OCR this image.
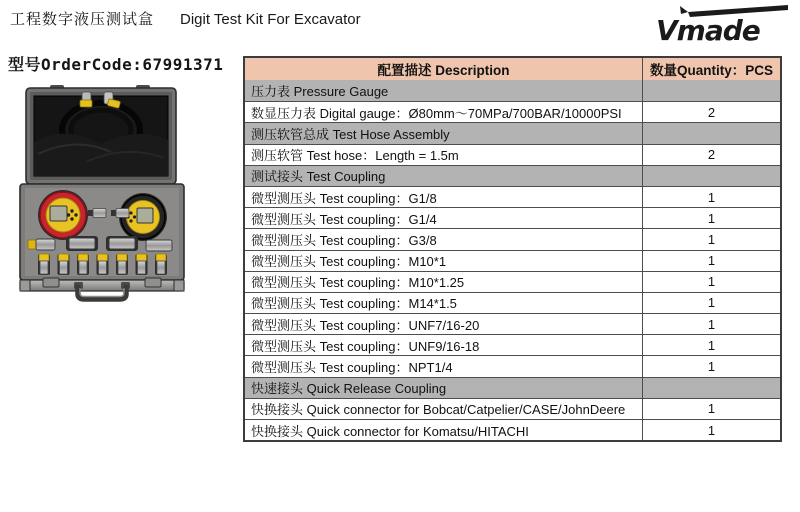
工程数字液压测试盒 Digit Test Kit For Excavator	Vmade
型号OrderCode:67991371	配置描述 Description	数量Quantity：PCS
压力表 Pressure Gauge
数显压力表 Digital gauge：Ø80mm～70MPa/700BAR/10000PSI	2
测压软管总成 Test Hose Assembly
测压软管 Test hose：Length = 1.5m	2
测试接头 Test Coupling
微型测压头 Test coupling：G1/8	1
微型测压头 Test coupling：G1/4	1
微型测压头 Test coupling：G3/8	1
微型测压头 Test coupling：M10*1	1
微型测压头 Test coupling：M10*1.25	1
微型测压头 Test coupling：M14*1.5	1
微型测压头 Test coupling：UNF7/16-20	1
微型测压头 Test coupling：UNF9/16-18	1
微型测压头 Test coupling：NPT1/4	1
快速接头 Quick Release Coupling
快换接头 Quick connector for Bobcat/Catpelier/CASE/JohnDeere	1
快换接头 Quick connector for Komatsu/HITACHI	1
